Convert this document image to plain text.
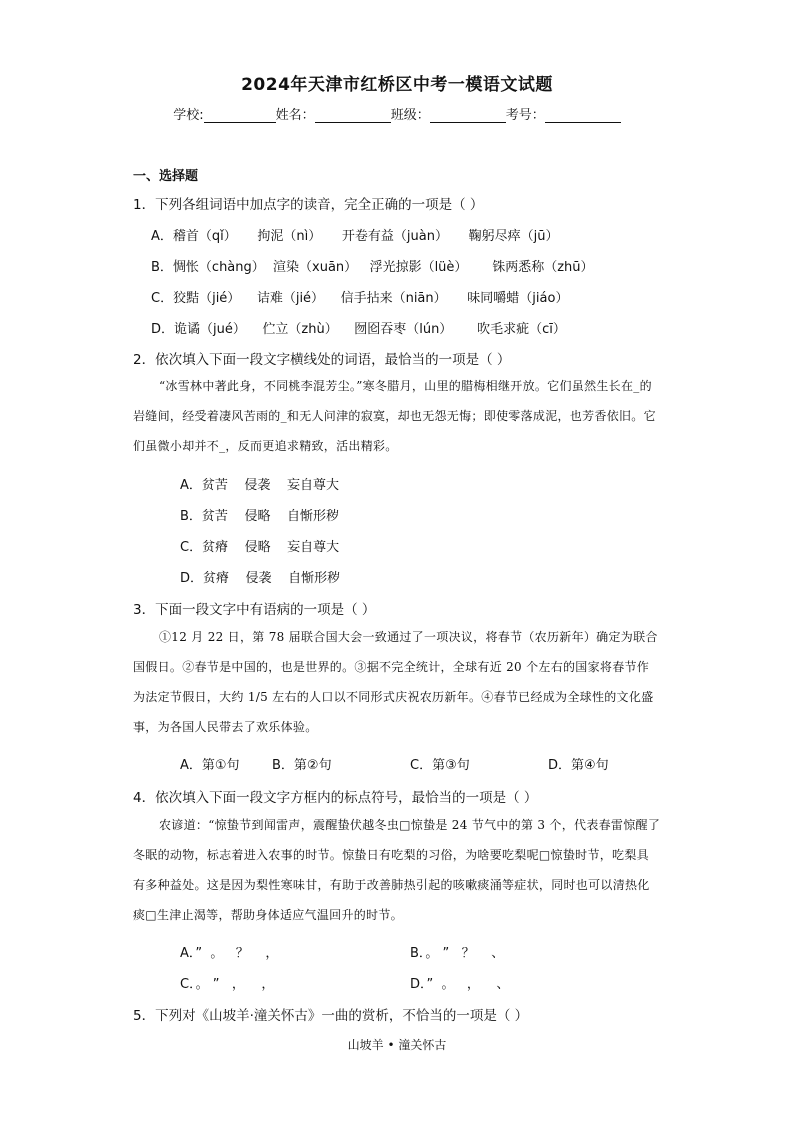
2024年天津市红桥区中考一模语文试题
学校:	姓名：	班级：	考号：
一、选择题
1．下列各组词语中加点字的读音，完全正确的一项是（ ）
A．稽首（qǐ）     拘泥（nì）     开卷有益（juàn）     鞠躬尽瘁（jū）
B．惆怅（chàng）  渲染（xuān）   浮光掠影（lüè）      铢两悉称（zhū）
C．狡黠（jié）    诘难（jié）    信手拈来（niān）     味同嚼蜡（jiáo）
D．诡谲（jué）    伫立（zhù）    囫囵吞枣（lún）      吹毛求疵（cī）
2．依次填入下面一段文字横线处的词语，最恰当的一项是（ ）

“冰雪林中著此身，不同桃李混芳尘。”寒冬腊月，山里的腊梅相继开放。它们虽然生长在_的岩缝间，经受着凄风苦雨的_和无人问津的寂寞，却也无怨无悔；即使零落成泥，也芳香依旧。它们虽微小却并不_，反而更追求精致，活出精彩。

A．贫苦    侵袭    妄自尊大
B．贫苦    侵略    自惭形秽
C．贫瘠    侵略    妄自尊大
D．贫瘠    侵袭    自惭形秽
3．下面一段文字中有语病的一项是（ ）

①12 月 22 日，第 78 届联合国大会一致通过了一项决议，将春节（农历新年）确定为联合国假日。②春节是中国的，也是世界的。③据不完全统计，全球有近 20 个左右的国家将春节作为法定节假日，大约 1/5 左右的人口以不同形式庆祝农历新年。④春节已经成为全球性的文化盛事，为各国人民带去了欢乐体验。

A．第①句 B．第②句	C．第③句	D．第④句
4．依次填入下面一段文字方框内的标点符号，最恰当的一项是（ ）

农谚道：“惊蛰节到闻雷声，震醒蛰伏越冬虫□惊蛰是 24 节气中的第 3 个，代表春雷惊醒了冬眠的动物，标志着进入农事的时节。惊蛰日有吃梨的习俗，为啥要吃梨呢□惊蛰时节，吃梨具有多种益处。这是因为梨性寒味甘，有助于改善肺热引起的咳嗽痰涌等症状，同时也可以清热化痰□生津止渴等，帮助身体适应气温回升的时节。

A．”  。   ？    ，	B．。 ”   ？    、
C．。 ”   ，    ，	D．”  。   ，    、
5．下列对《山坡羊·潼关怀古》一曲的赏析，不恰当的一项是（ ）
山坡羊 • 潼关怀古
